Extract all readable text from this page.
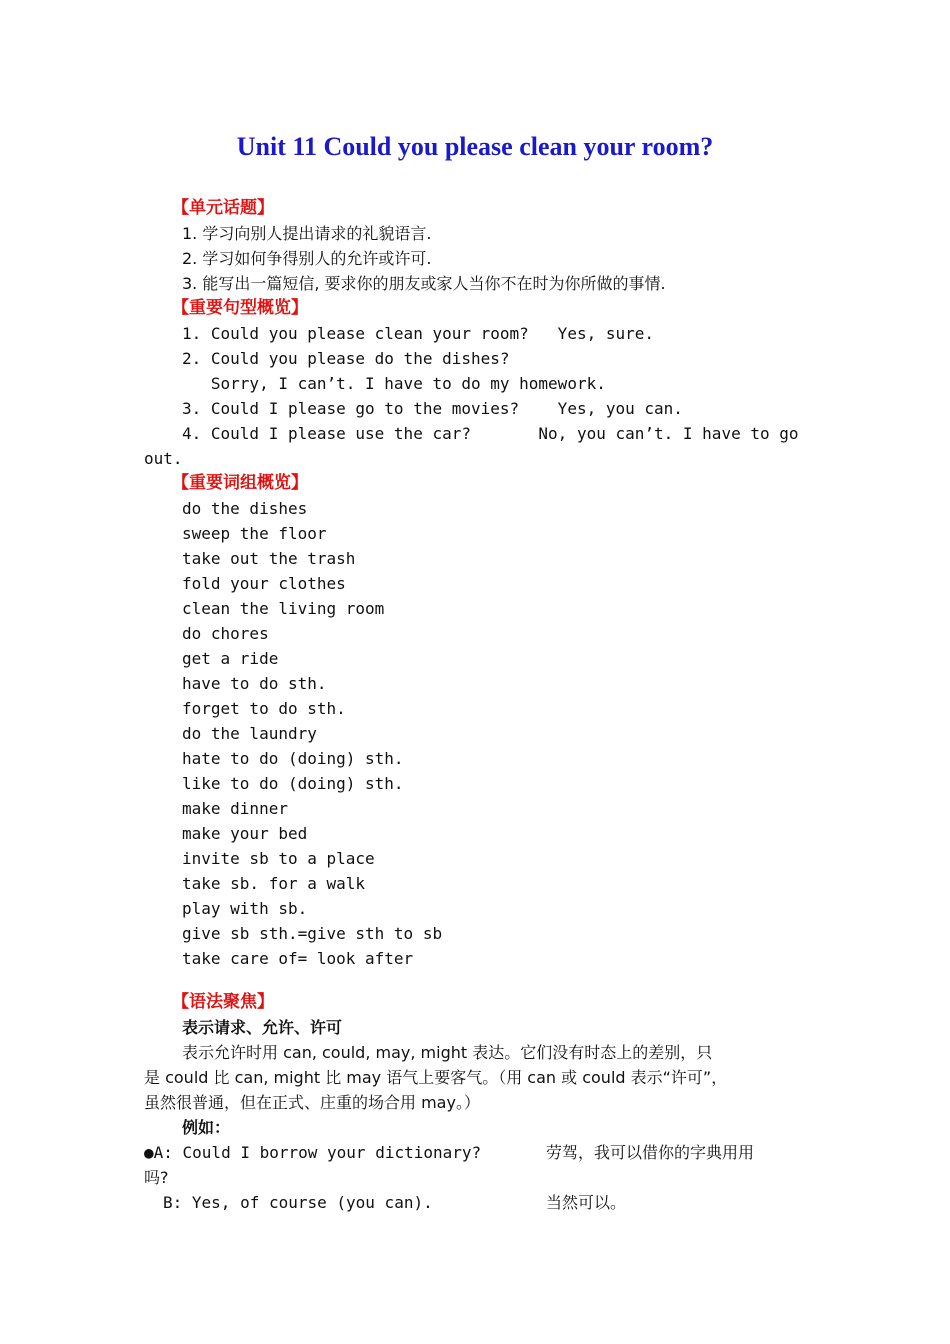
Unit 11 Could you please clean your room?
【单元话题】
1. 学习向别人提出请求的礼貌语言.
2. 学习如何争得别人的允许或许可.
3. 能写出一篇短信, 要求你的朋友或家人当你不在时为你所做的事情.
【重要句型概览】
1. Could you please clean your room?   Yes, sure.
2. Could you please do the dishes?
Sorry, I can’t. I have to do my homework.
3. Could I please go to the movies?    Yes, you can.
4. Could I please use the car?       No, you can’t. I have to go
out.
【重要词组概览】
do the dishes
sweep the floor
take out the trash
fold your clothes
clean the living room
do chores
get a ride
have to do sth.
forget to do sth.
do the laundry
hate to do (doing) sth.
like to do (doing) sth.
make dinner
make your bed
invite sb to a place
take sb. for a walk
play with sb.
give sb sth.=give sth to sb
take care of= look after
【语法聚焦】
表示请求、允许、许可
表示允许时用 can, could, may, might 表达。它们没有时态上的差别，只
是 could 比 can, might 比 may 语气上要客气。（用 can 或 could 表示“许可”，
虽然很普通，但在正式、庄重的场合用 may。）
例如：
●A: Could I borrow your dictionary?	劳驾，我可以借你的字典用用
吗?
B: Yes, of course (you can).	当然可以。
